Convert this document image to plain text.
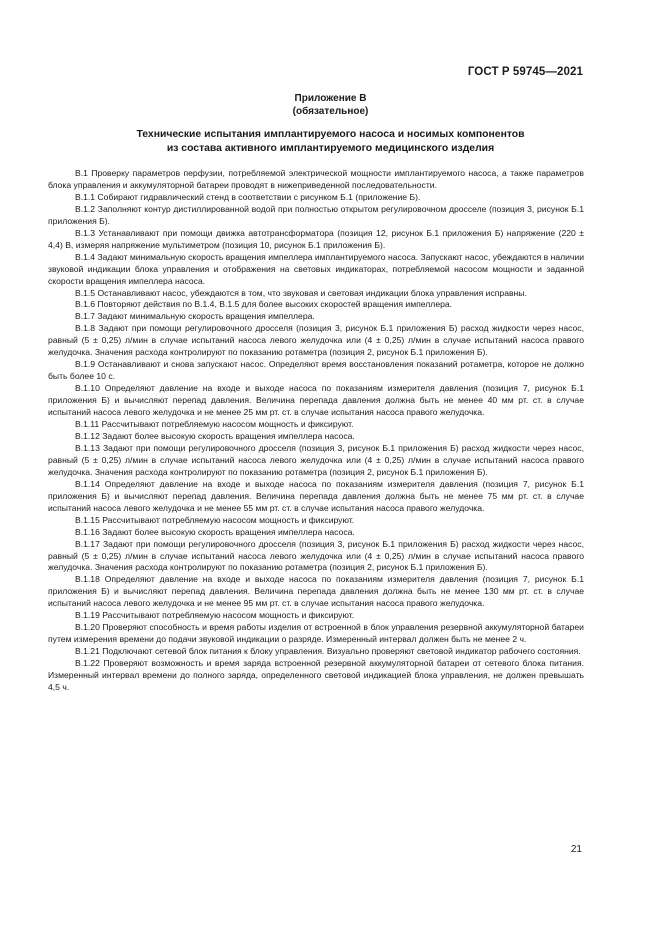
ГОСТ Р 59745—2021
Приложение В
(обязательное)
Технические испытания имплантируемого насоса и носимых компонентов
из состава активного имплантируемого медицинского изделия

В.1 Проверку параметров перфузии, потребляемой электрической мощности имплантируемого насоса, а также параметров блока управления и аккумуляторной батареи проводят в нижеприведенной последовательности.

В.1.1 Собирают гидравлический стенд в соответствии с рисунком Б.1 (приложение Б).

В.1.2 Заполняют контур дистиллированной водой при полностью открытом регулировочном дросселе (позиция 3, рисунок Б.1 приложения Б).

В.1.3 Устанавливают при помощи движка автотрансформатора (позиция 12, рисунок Б.1 приложения Б) напряжение (220 ± 4,4) В, измеряя напряжение мультиметром (позиция 10, рисунок Б.1 приложения Б).

В.1.4 Задают минимальную скорость вращения импеллера имплантируемого насоса. Запускают насос, убеждаются в наличии звуковой индикации блока управления и отображения на световых индикаторах, потребляемой насосом мощности и заданной скорости вращения импеллера насоса.

В.1.5 Останавливают насос, убеждаются в том, что звуковая и световая индикации блока управления исправны.

В.1.6 Повторяют действия по В.1.4, В.1.5 для более высоких скоростей вращения импеллера.

В.1.7 Задают минимальную скорость вращения импеллера.

В.1.8 Задают при помощи регулировочного дросселя (позиция 3, рисунок Б.1 приложения Б) расход жидкости через насос, равный (5 ± 0,25) л/мин в случае испытаний насоса левого желудочка или (4 ± 0,25) л/мин в случае испытаний насоса правого желудочка. Значения расхода контролируют по показанию ротаметра (позиция 2, рисунок Б.1 приложения Б).

В.1.9 Останавливают и снова запускают насос. Определяют время восстановления показаний ротаметра, которое не должно быть более 10 с.

В.1.10 Определяют давление на входе и выходе насоса по показаниям измерителя давления (позиция 7, рисунок Б.1 приложения Б) и вычисляют перепад давления. Величина перепада давления должна быть не менее 40 мм рт. ст. в случае испытаний насоса левого желудочка и не менее 25 мм рт. ст. в случае испытания насоса правого желудочка.

В.1.11 Рассчитывают потребляемую насосом мощность и фиксируют.

В.1.12 Задают более высокую скорость вращения импеллера насоса.

В.1.13 Задают при помощи регулировочного дросселя (позиция 3, рисунок Б.1 приложения Б) расход жидкости через насос, равный (5 ± 0,25) л/мин в случае испытаний насоса левого желудочка или (4 ± 0,25) л/мин в случае испытаний насоса правого желудочка. Значения расхода контролируют по показанию ротаметра (позиция 2, рисунок Б.1 приложения Б).

В.1.14 Определяют давление на входе и выходе насоса по показаниям измерителя давления (позиция 7, рисунок Б.1 приложения Б) и вычисляют перепад давления. Величина перепада давления должна быть не менее 75 мм рт. ст. в случае испытаний насоса левого желудочка и не менее 55 мм рт. ст. в случае испытания насоса правого желудочка.

В.1.15 Рассчитывают потребляемую насосом мощность и фиксируют.

В.1.16 Задают более высокую скорость вращения импеллера насоса.

В.1.17 Задают при помощи регулировочного дросселя (позиция 3, рисунок Б.1 приложения Б) расход жидкости через насос, равный (5 ± 0,25) л/мин в случае испытаний насоса левого желудочка или (4 ± 0,25) л/мин в случае испытаний насоса правого желудочка. Значения расхода контролируют по показанию ротаметра (позиция 2, рисунок Б.1 приложения Б).

В.1.18 Определяют давление на входе и выходе насоса по показаниям измерителя давления (позиция 7, рисунок Б.1 приложения Б) и вычисляют перепад давления. Величина перепада давления должна быть не менее 130 мм рт. ст. в случае испытаний насоса левого желудочка и не менее 95 мм рт. ст. в случае испытания насоса правого желудочка.

В.1.19 Рассчитывают потребляемую насосом мощность и фиксируют.

В.1.20 Проверяют способность и время работы изделия от встроенной в блок управления резервной аккумуляторной батареи путем измерения времени до подачи звуковой индикации о разряде. Измеренный интервал должен быть не менее 2 ч.

В.1.21 Подключают сетевой блок питания к блоку управления. Визуально проверяют световой индикатор рабочего состояния.

В.1.22 Проверяют возможность и время заряда встроенной резервной аккумуляторной батареи от сетевого блока питания. Измеренный интервал времени до полного заряда, определенного световой индикацией блока управления, не должен превышать 4,5 ч.

21
